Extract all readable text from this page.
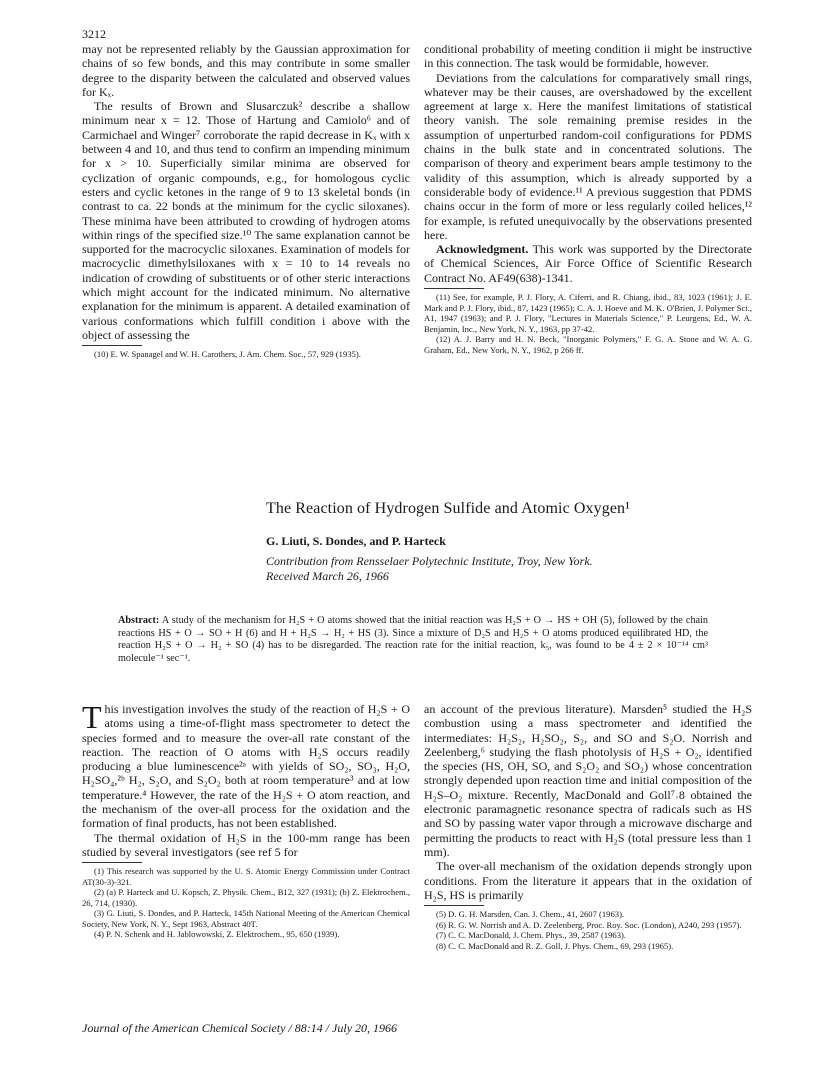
3212

may not be represented reliably by the Gaussian approximation for chains of so few bonds, and this may contribute in some smaller degree to the disparity between the calculated and observed values for Kₓ.

The results of Brown and Slusarczuk² describe a shallow minimum near x = 12. Those of Hartung and Camiolo⁶ and of Carmichael and Winger⁷ corroborate the rapid decrease in Kₓ with x between 4 and 10, and thus tend to confirm an impending minimum for x > 10. Superficially similar minima are observed for cyclization of organic compounds, e.g., for homologous cyclic esters and cyclic ketones in the range of 9 to 13 skeletal bonds (in contrast to ca. 22 bonds at the minimum for the cyclic siloxanes). These minima have been attributed to crowding of hydrogen atoms within rings of the specified size.¹⁰ The same explanation cannot be supported for the macrocyclic siloxanes. Examination of models for macrocyclic dimethylsiloxanes with x = 10 to 14 reveals no indication of crowding of substituents or of other steric interactions which might account for the indicated minimum. No alternative explanation for the minimum is apparent. A detailed examination of various conformations which fulfill condition i above with the object of assessing the

(10) E. W. Spanagel and W. H. Carothers, J. Am. Chem. Soc., 57, 929 (1935).

conditional probability of meeting condition ii might be instructive in this connection. The task would be formidable, however.

Deviations from the calculations for comparatively small rings, whatever may be their causes, are overshadowed by the excellent agreement at large x. Here the manifest limitations of statistical theory vanish. The sole remaining premise resides in the assumption of unperturbed random-coil configurations for PDMS chains in the bulk state and in concentrated solutions. The comparison of theory and experiment bears ample testimony to the validity of this assumption, which is already supported by a considerable body of evidence.¹¹ A previous suggestion that PDMS chains occur in the form of more or less regularly coiled helices,¹² for example, is refuted unequivocally by the observations presented here.

Acknowledgment. This work was supported by the Directorate of Chemical Sciences, Air Force Office of Scientific Research Contract No. AF49(638)-1341.

(11) See, for example, P. J. Flory, A. Ciferri, and R. Chiang, ibid., 83, 1023 (1961); J. E. Mark and P. J. Flory, ibid., 87, 1423 (1965); C. A. J. Hoeve and M. K. O'Brien, J. Polymer Sci., A1, 1947 (1963); and P. J. Flory, "Lectures in Materials Science," P. Leurgens, Ed., W. A. Benjamin, Inc., New York, N. Y., 1963, pp 37-42.

(12) A. J. Barry and H. N. Beck, "Inorganic Polymers," F. G. A. Stone and W. A. G. Graham, Ed., New York, N. Y., 1962, p 266 ff.

The Reaction of Hydrogen Sulfide and Atomic Oxygen¹
G. Liuti, S. Dondes, and P. Harteck
Contribution from Rensselaer Polytechnic Institute, Troy, New York.
Received March 26, 1966
Abstract: A study of the mechanism for H₂S + O atoms showed that the initial reaction was H₂S + O → HS + OH (5), followed by the chain reactions HS + O → SO + H (6) and H + H₂S → H₂ + HS (3). Since a mixture of D₂S and H₂S + O atoms produced equilibrated HD, the reaction H₂S + O → H₂ + SO (4) has to be disregarded. The reaction rate for the initial reaction, k₅, was found to be 4 ± 2 × 10⁻¹⁴ cm³ molecule⁻¹ sec⁻¹.

This investigation involves the study of the reaction of H₂S + O atoms using a time-of-flight mass spectrometer to detect the species formed and to measure the over-all rate constant of the reaction. The reaction of O atoms with H₂S occurs readily producing a blue luminescence²ᵃ with yields of SO₂, SO₃, H₂O, H₂SO₄,²ᵇ H₂, S₂O, and S₂O₂ both at room temperature³ and at low temperature.⁴ However, the rate of the H₂S + O atom reaction, and the mechanism of the over-all process for the oxidation and the formation of final products, has not been established.

The thermal oxidation of H₂S in the 100-mm range has been studied by several investigators (see ref 5 for

(1) This research was supported by the U. S. Atomic Energy Commission under Contract AT(30-3)-321.

(2) (a) P. Harteck and U. Kopsch, Z. Physik. Chem., B12, 327 (1931); (b) Z. Elektrochem., 26, 714, (1930).

(3) G. Liuti, S. Dondes, and P. Harteck, 145th National Meeting of the American Chemical Society, New York, N. Y., Sept 1963, Abstract 40T.

(4) P. N. Schenk and H. Jablowowski, Z. Elektrochem., 95, 650 (1939).

an account of the previous literature). Marsden⁵ studied the H₂S combustion using a mass spectrometer and identified the intermediates: H₂S₂, H₂SO₂, S₂, and SO and S₂O. Norrish and Zeelenberg,⁶ studying the flash photolysis of H₂S + O₂, identified the species (HS, OH, SO, and S₂O₂ and SO₂) whose concentration strongly depended upon reaction time and initial composition of the H₂S–O₂ mixture. Recently, MacDonald and Goll⁷˒8 obtained the electronic paramagnetic resonance spectra of radicals such as HS and SO by passing water vapor through a microwave discharge and permitting the products to react with H₂S (total pressure less than 1 mm).

The over-all mechanism of the oxidation depends strongly upon conditions. From the literature it appears that in the oxidation of H₂S, HS is primarily

(5) D. G. H. Marsden, Can. J. Chem., 41, 2607 (1963).

(6) R. G. W. Norrish and A. D. Zeelenberg, Proc. Roy. Soc. (London), A240, 293 (1957).

(7) C. C. MacDonald, J. Chem. Phys., 39, 2587 (1963).

(8) C. C. MacDonald and R. Z. Goll, J. Phys. Chem., 69, 293 (1965).

Journal of the American Chemical Society / 88:14 / July 20, 1966
